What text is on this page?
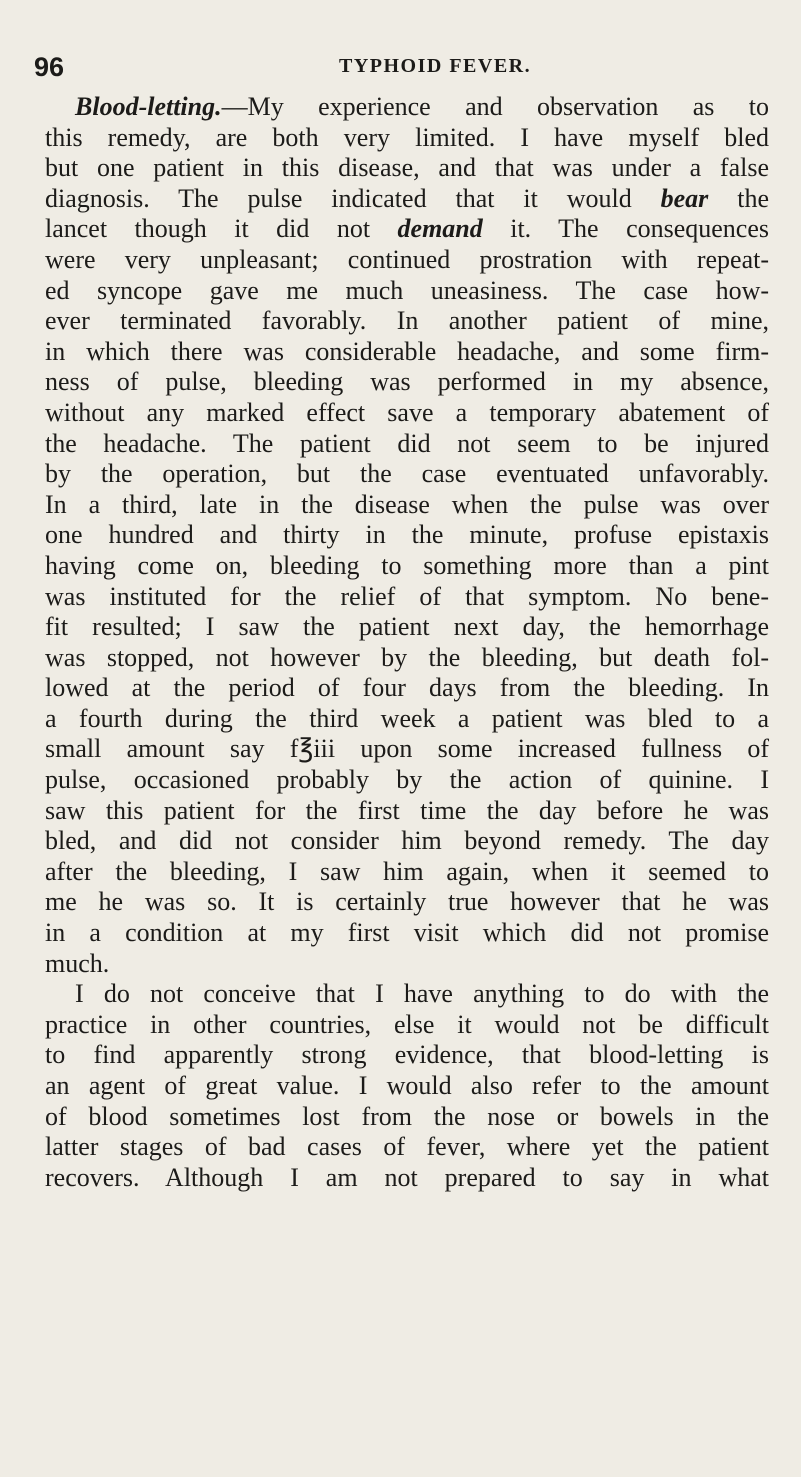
96	TYPHOID FEVER.
Blood-letting.—My experience and observation as to
this remedy, are both very limited. I have myself bled
but one patient in this disease, and that was under a false
diagnosis. The pulse indicated that it would bear the
lancet though it did not demand it. The consequences
were very unpleasant; continued prostration with repeat-
ed syncope gave me much uneasiness. The case how-
ever terminated favorably. In another patient of mine,
in which there was considerable headache, and some firm-
ness of pulse, bleeding was performed in my absence,
without any marked effect save a temporary abatement of
the headache. The patient did not seem to be injured
by the operation, but the case eventuated unfavorably.
In a third, late in the disease when the pulse was over
one hundred and thirty in the minute, profuse epistaxis
having come on, bleeding to something more than a pint
was instituted for the relief of that symptom. No bene-
fit resulted; I saw the patient next day, the hemorrhage
was stopped, not however by the bleeding, but death fol-
lowed at the period of four days from the bleeding. In
a fourth during the third week a patient was bled to a
small amount say f℥iii upon some increased fullness of
pulse, occasioned probably by the action of quinine. I
saw this patient for the first time the day before he was
bled, and did not consider him beyond remedy. The day
after the bleeding, I saw him again, when it seemed to
me he was so. It is certainly true however that he was
in a condition at my first visit which did not promise
much.
I do not conceive that I have anything to do with the
practice in other countries, else it would not be difficult
to find apparently strong evidence, that blood-letting is
an agent of great value. I would also refer to the amount
of blood sometimes lost from the nose or bowels in the
latter stages of bad cases of fever, where yet the patient
recovers. Although I am not prepared to say in what
